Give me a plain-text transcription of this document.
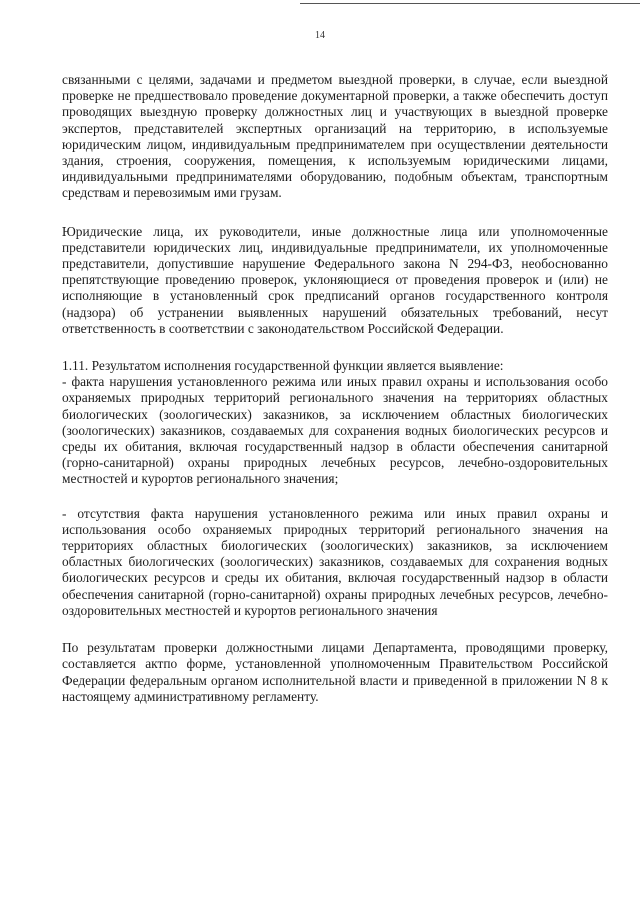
14

связанными с целями, задачами и предметом выездной проверки, в случае, если выездной проверке не предшествовало проведение документарной проверки, а также обеспечить доступ проводящих выездную проверку должностных лиц и участвующих в выездной проверке экспертов, представителей экспертных организаций на территорию, в используемые юридическим лицом, индивидуальным предпринимателем при осуществлении деятельности здания, строения, сооружения, помещения, к используемым юридическими лицами, индивидуальными предпринимателями оборудованию, подобным объектам, транспортным средствам и перевозимым ими грузам.

Юридические лица, их руководители, иные должностные лица или уполномоченные представители юридических лиц, индивидуальные предприниматели, их уполномоченные представители, допустившие нарушение Федерального закона N 294-ФЗ, необоснованно препятствующие проведению проверок, уклоняющиеся от проведения проверок и (или) не исполняющие в установленный срок предписаний органов государственного контроля (надзора) об устранении выявленных нарушений обязательных требований, несут ответственность в соответствии с законодательством Российской Федерации.

1.11. Результатом исполнения государственной функции является выявление:

- факта нарушения установленного режима или иных правил охраны и использования особо охраняемых природных территорий регионального значения на территориях областных биологических (зоологических) заказников, за исключением областных биологических (зоологических) заказников, создаваемых для сохранения водных биологических ресурсов и среды их обитания, включая государственный надзор в области обеспечения санитарной (горно-санитарной) охраны природных лечебных ресурсов, лечебно-оздоровительных местностей и курортов регионального значения;

- отсутствия факта нарушения установленного режима или иных правил охраны и использования особо охраняемых природных территорий регионального значения на территориях областных биологических (зоологических) заказников, за исключением областных биологических (зоологических) заказников, создаваемых для сохранения водных биологических ресурсов и среды их обитания, включая государственный надзор в области обеспечения санитарной (горно-санитарной) охраны природных лечебных ресурсов, лечебно-оздоровительных местностей и курортов регионального значения

По результатам проверки должностными лицами Департамента, проводящими проверку, составляется актпо форме, установленной уполномоченным Правительством Российской Федерации федеральным органом исполнительной власти и приведенной в приложении N 8 к настоящему административному регламенту.
